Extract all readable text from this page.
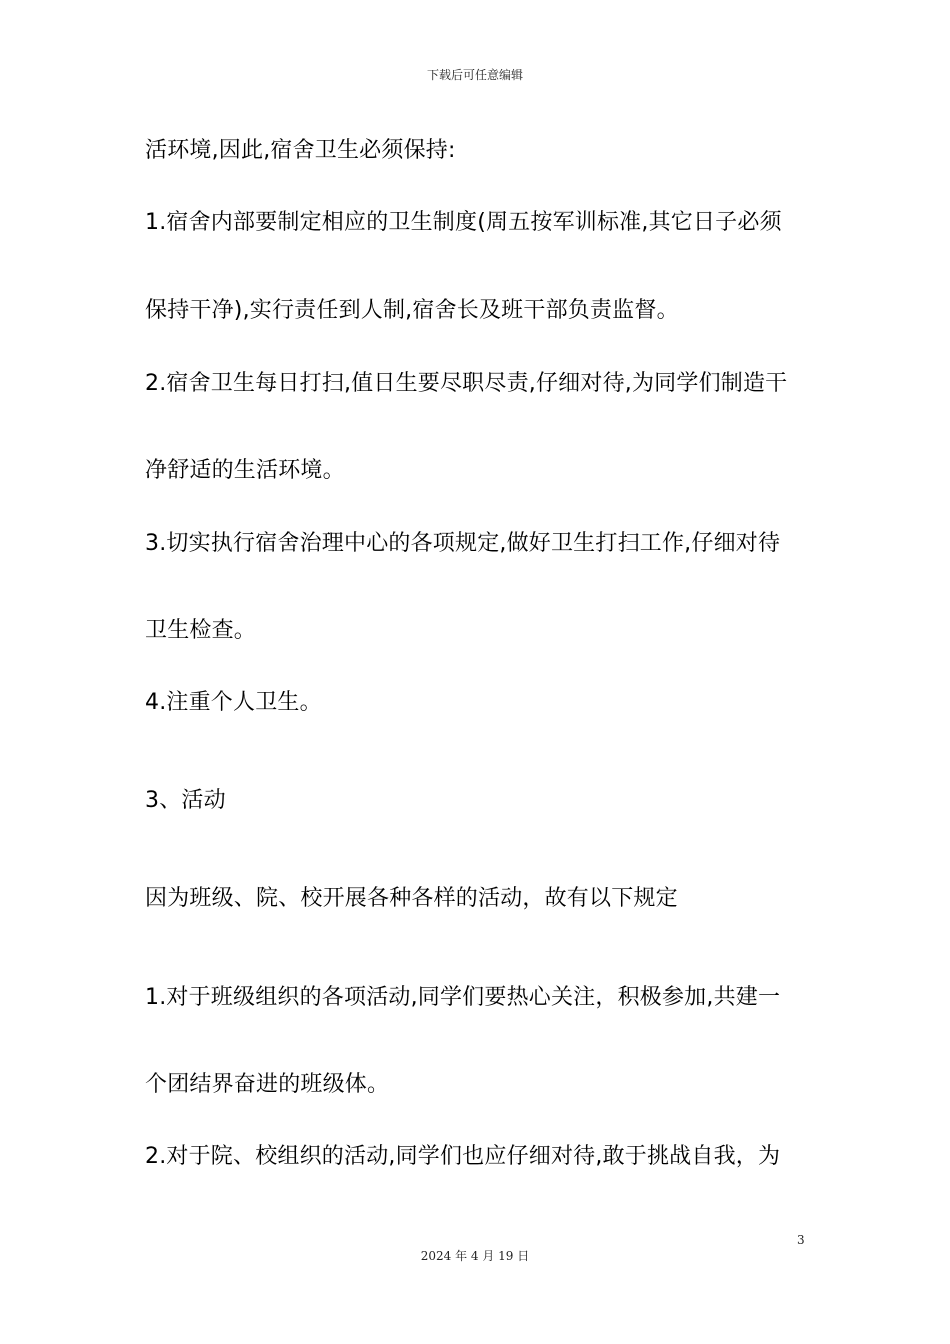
下载后可任意编辑
活环境,因此,宿舍卫生必须保持:
1.宿舍内部要制定相应的卫生制度(周五按军训标准,其它日子必须
保持干净),实行责任到人制,宿舍长及班干部负责监督。
2.宿舍卫生每日打扫,值日生要尽职尽责,仔细对待,为同学们制造干
净舒适的生活环境。
3.切实执行宿舍治理中心的各项规定,做好卫生打扫工作,仔细对待
卫生检查。
4.注重个人卫生。
3、活动
因为班级、院、校开展各种各样的活动，故有以下规定
1.对于班级组织的各项活动,同学们要热心关注，积极参加,共建一
个团结界奋进的班级体。
2.对于院、校组织的活动,同学们也应仔细对待,敢于挑战自我，为
3
2024 年 4 月 19 日
